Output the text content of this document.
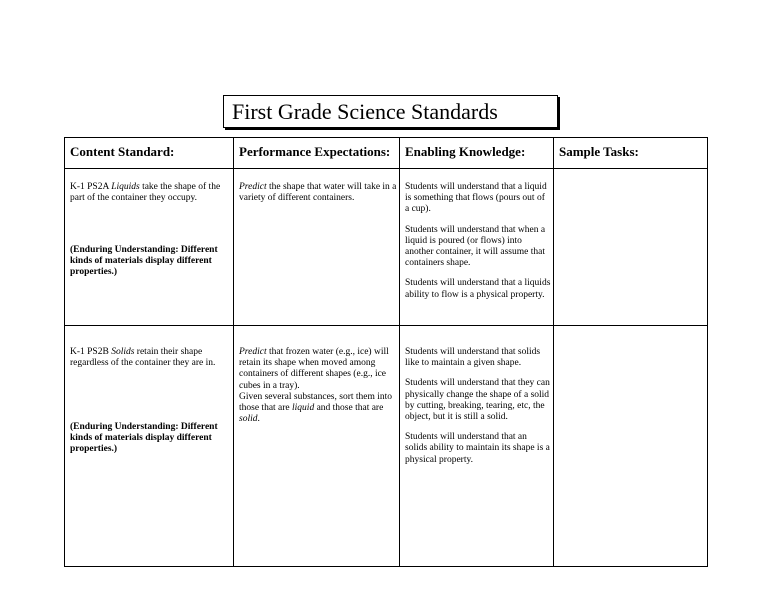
First Grade Science Standards
Content Standard:	Performance Expectations: Enabling Knowledge:	Sample Tasks:

K-1 PS2A Liquids take the shape of the part of the container they occupy.

(Enduring Understanding: Different kinds of materials display different properties.)

Predict the shape that water will take in a variety of different containers.

Students will understand that a liquid is something that flows (pours out of a cup).

Students will understand that when a liquid is poured (or flows) into another container, it will assume that containers shape.

Students will understand that a liquids ability to flow is a physical property.

K-1 PS2B Solids retain their shape regardless of the container they are in.

(Enduring Understanding: Different kinds of materials display different properties.)

Predict that frozen water (e.g., ice) will retain its shape when moved among containers of different shapes (e.g., ice cubes in a tray).
Given several substances, sort them into those that are liquid and those that are solid.

Students will understand that solids like to maintain a given shape.

Students will understand that they can physically change the shape of a solid by cutting, breaking, tearing, etc, the object, but it is still a solid.

Students will understand that an solids ability to maintain its shape is a physical property.
